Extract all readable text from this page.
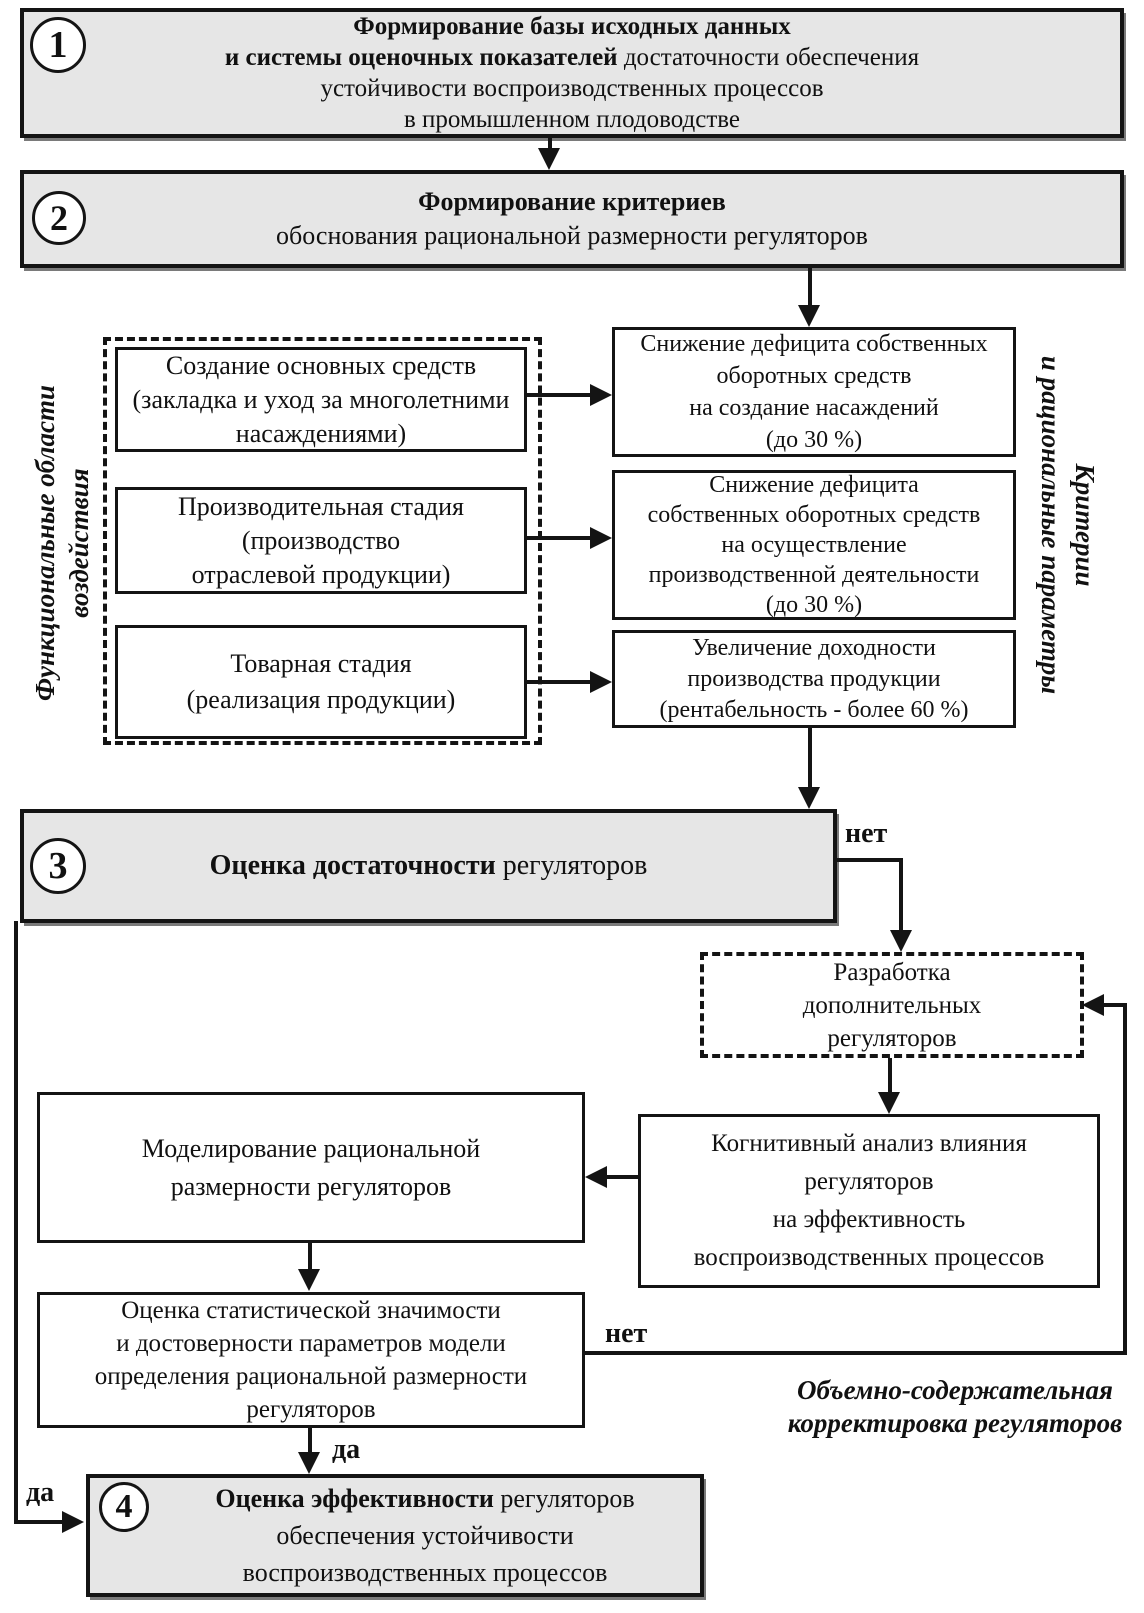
Формирование базы исходных данных
и системы оценочных показателей достаточности обеспечения
устойчивости воспроизводственных процессов
в промышленном плодоводстве
1
Формирование критериев
обоснования рациональной размерности регуляторов
2
Функциональные области воздействия
Создание основных средств
(закладка и уход за многолетними
насаждениями)
Производительная стадия
(производство
отраслевой продукции)
Товарная стадия
(реализация продукции)
Снижение дефицита собственных
оборотных средств
на создание насаждений
(до 30 %)
Снижение дефицита
собственных оборотных средств
на осуществление
производственной деятельности
(до 30 %)
Увеличение доходности
производства продукции
(рентабельность - более 60 %)
Критерии
и рациональные параметры
Оценка достаточности регуляторов
3
нет
Разработка
дополнительных
регуляторов
Когнитивный анализ влияния
регуляторов
на эффективность
воспроизводственных процессов
Моделирование рациональной
размерности регуляторов
Оценка статистической значимости
и достоверности параметров модели
определения рациональной размерности
регуляторов
нет
Объемно-содержательная
корректировка регуляторов
да
да	Оценка эффективности регуляторов
обеспечения устойчивости
воспроизводственных процессов
4
